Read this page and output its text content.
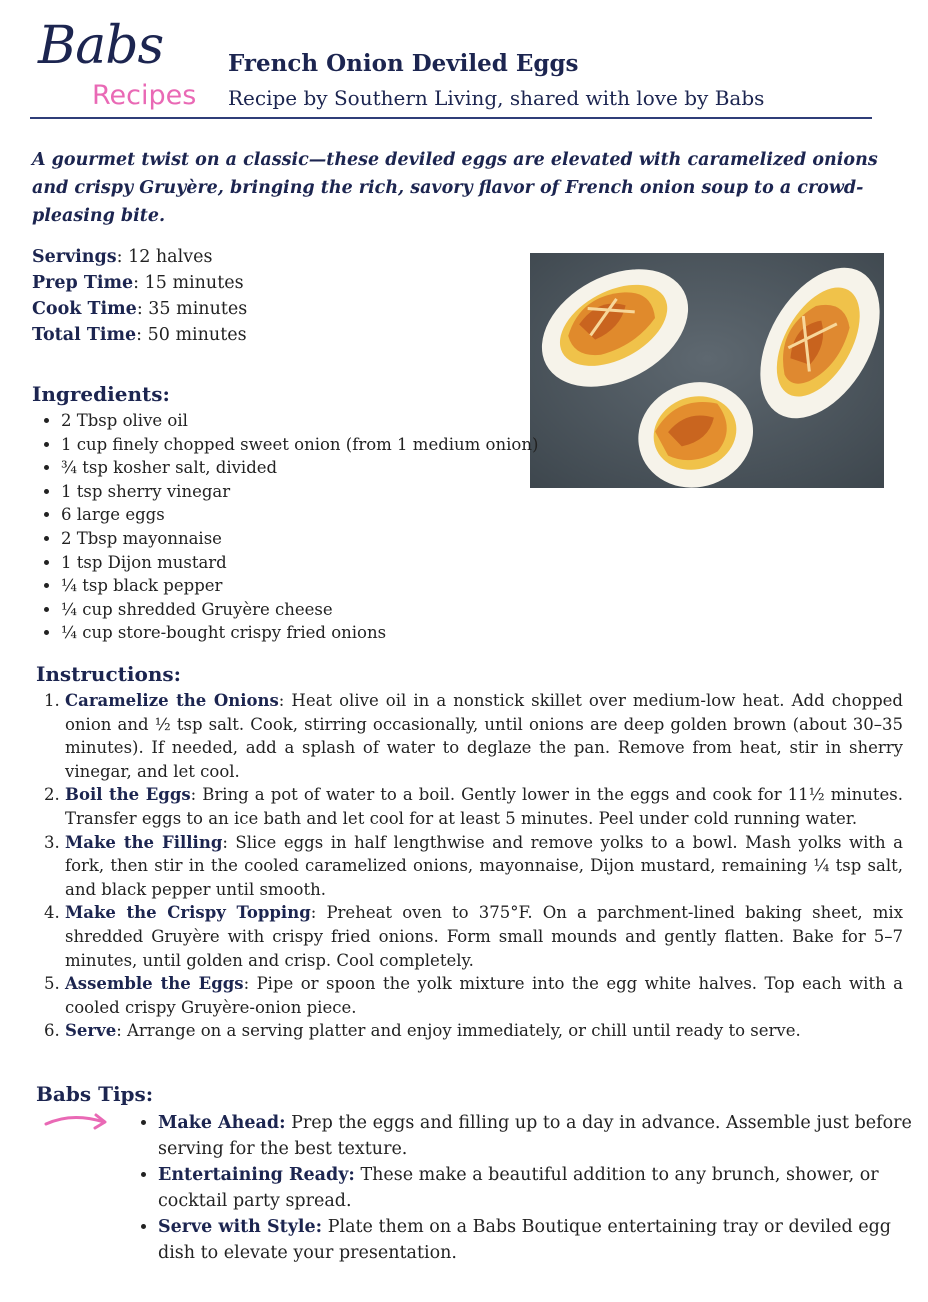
Babs
Recipes
French Onion Deviled Eggs
Recipe by Southern Living, shared with love by Babs
A gourmet twist on a classic—these deviled eggs are elevated with caramelized onions and crispy Gruyère, bringing the rich, savory flavor of French onion soup to a crowd-pleasing bite.
Servings: 12 halves
Prep Time: 15 minutes
Cook Time: 35 minutes
Total Time: 50 minutes
Ingredients:
• 2 Tbsp olive oil
• 1 cup finely chopped sweet onion (from 1 medium onion)
• ¾ tsp kosher salt, divided
• 1 tsp sherry vinegar
• 6 large eggs
• 2 Tbsp mayonnaise
• 1 tsp Dijon mustard
• ¼ tsp black pepper
• ¼ cup shredded Gruyère cheese
• ¼ cup store-bought crispy fried onions
Instructions:
1. Caramelize the Onions: Heat olive oil in a nonstick skillet over medium-low heat. Add chopped onion and ½ tsp salt. Cook, stirring occasionally, until onions are deep golden brown (about 30–35 minutes). If needed, add a splash of water to deglaze the pan. Remove from heat, stir in sherry vinegar, and let cool.
2. Boil the Eggs: Bring a pot of water to a boil. Gently lower in the eggs and cook for 11½ minutes. Transfer eggs to an ice bath and let cool for at least 5 minutes. Peel under cold running water.
3. Make the Filling: Slice eggs in half lengthwise and remove yolks to a bowl. Mash yolks with a fork, then stir in the cooled caramelized onions, mayonnaise, Dijon mustard, remaining ¼ tsp salt, and black pepper until smooth.
4. Make the Crispy Topping: Preheat oven to 375°F. On a parchment-lined baking sheet, mix shredded Gruyère with crispy fried onions. Form small mounds and gently flatten. Bake for 5–7 minutes, until golden and crisp. Cool completely.
5. Assemble the Eggs: Pipe or spoon the yolk mixture into the egg white halves. Top each with a cooled crispy Gruyère-onion piece.
6. Serve: Arrange on a serving platter and enjoy immediately, or chill until ready to serve.
Babs Tips:
• Make Ahead: Prep the eggs and filling up to a day in advance. Assemble just before serving for the best texture.
• Entertaining Ready: These make a beautiful addition to any brunch, shower, or cocktail party spread.
• Serve with Style: Plate them on a Babs Boutique entertaining tray or deviled egg dish to elevate your presentation.
